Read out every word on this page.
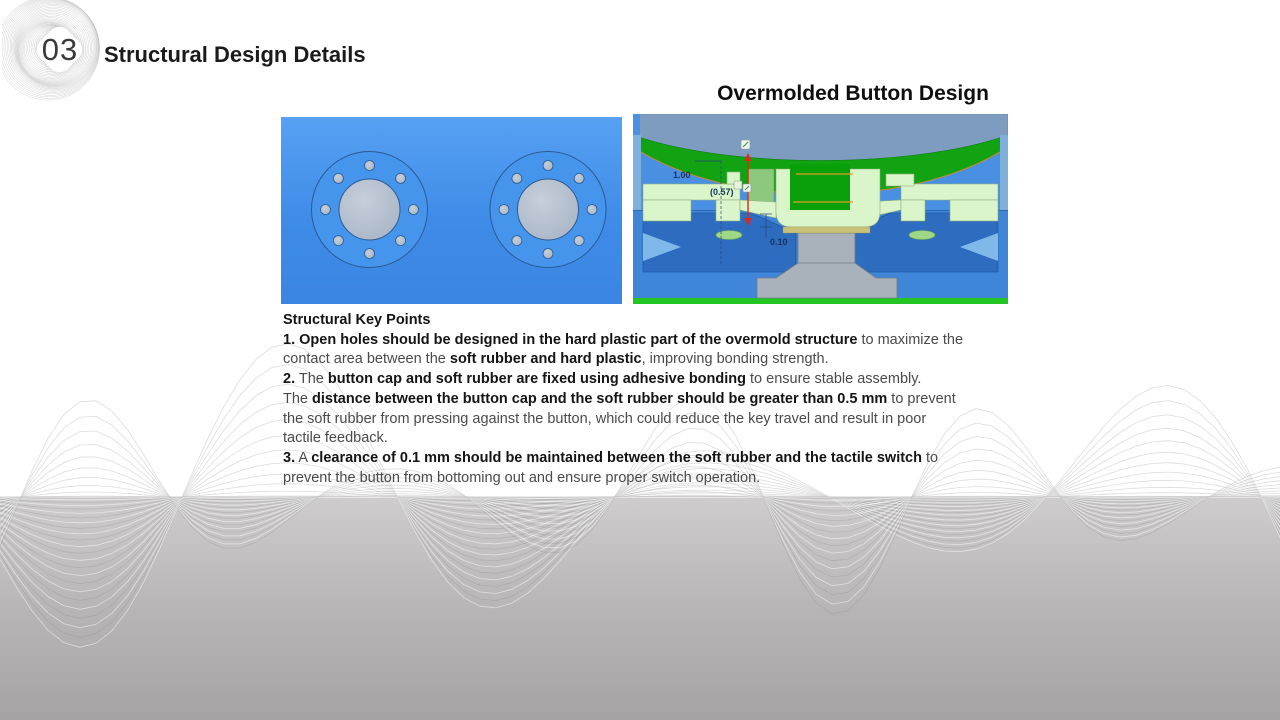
03	Structural Design Details
Overmolded Button Design
1.00
(0.57)
0.10
Structural Key Points
1. Open holes should be designed in the hard plastic part of the overmold structure to maximize the
contact area between the soft rubber and hard plastic, improving bonding strength.
2. The button cap and soft rubber are fixed using adhesive bonding to ensure stable assembly.
The distance between the button cap and the soft rubber should be greater than 0.5 mm to prevent
the soft rubber from pressing against the button, which could reduce the key travel and result in poor
tactile feedback.
3. A clearance of 0.1 mm should be maintained between the soft rubber and the tactile switch to
prevent the button from bottoming out and ensure proper switch operation.
